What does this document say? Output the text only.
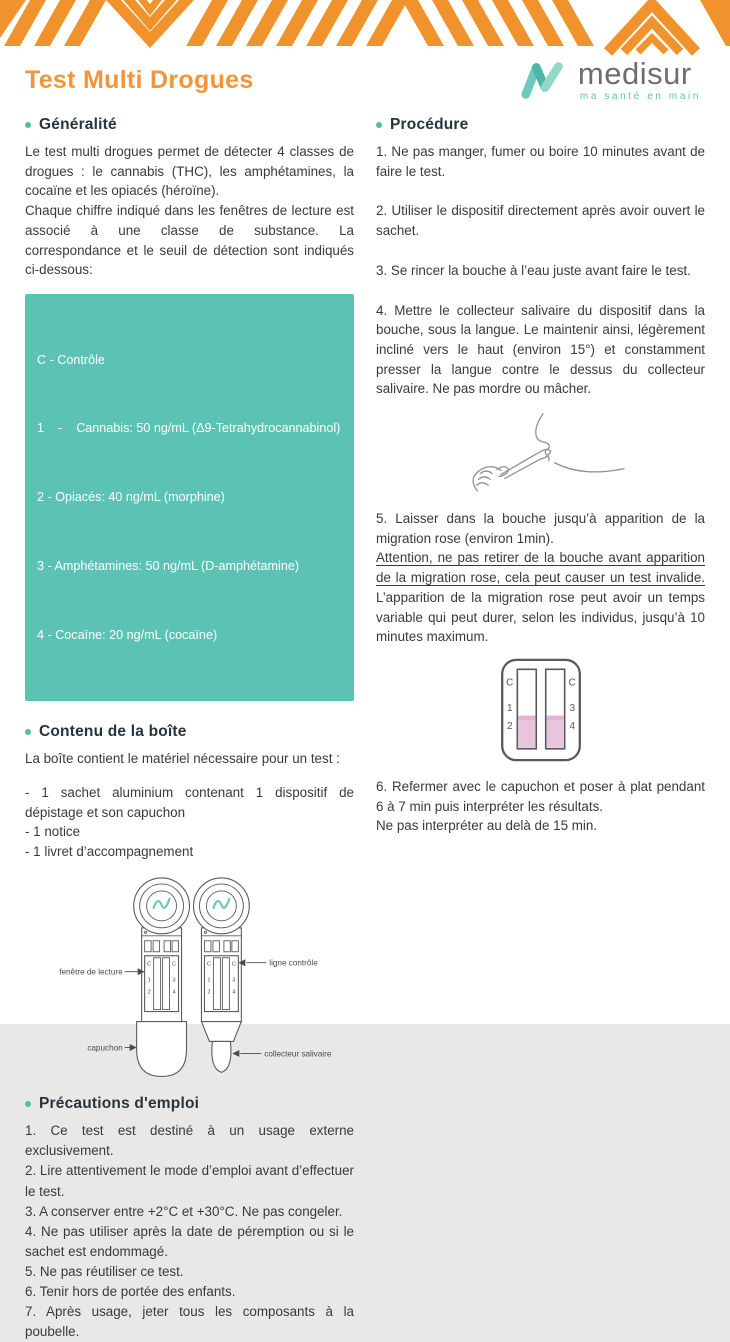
Test Multi Drogues	medisur
ma santé en main
Généralité

Le test multi drogues permet de détecter 4 classes de drogues : le cannabis (THC), les amphétamines, la cocaïne et les opiacés (héroïne).

Chaque chiffre indiqué dans les fenêtres de lecture est associé à une classe de substance. La correspondance et le seuil de détection sont indiqués ci-dessous:

C - Contrôle

1    -    Cannabis: 50 ng/mL (Δ9-Tetrahydrocannabinol)

2 - Opiacés: 40 ng/mL (morphine)

3 - Amphétamines: 50 ng/mL (D-amphétamine)

4 - Cocaïne: 20 ng/mL (cocaïne)

Contenu de la boîte

La boîte contient le matériel nécessaire pour un test :

- 1 sachet aluminium contenant 1 dispositif de dépistage et son capuchon
- 1 notice
- 1 livret d’accompagnement
C
1
2
C
3
4
C
1
2
C
3
4
fenêtre de lecture
capuchon
ligne contrôle
collecteur salivaire
Précautions d'emploi
1. Ce test est destiné à un usage externe exclusivement.
2. Lire attentivement le mode d’emploi avant d’effectuer le test.
3. A conserver entre +2°C et +30°C. Ne pas congeler.
4. Ne pas utiliser après la date de péremption ou si le sachet est endommagé.
5. Ne pas réutiliser ce test.
6. Tenir hors de portée des enfants.
7. Après usage, jeter tous les composants à la poubelle.
Procédure

1. Ne pas manger, fumer ou boire 10 minutes avant de faire le test.

2. Utiliser le dispositif directement après avoir ouvert le sachet.

3. Se rincer la bouche à l’eau juste avant faire le test.

4. Mettre le collecteur salivaire du dispositif dans la bouche, sous la langue. Le maintenir ainsi, légèrement incliné vers le haut (environ 15°) et constamment presser la langue contre le dessus du collecteur salivaire. Ne pas mordre ou mâcher.

5. Laisser dans la bouche jusqu’à apparition de la migration rose (environ 1min).
Attention, ne pas retirer de la bouche avant apparition de la migration rose, cela peut causer un test invalide. L’apparition de la migration rose peut avoir un temps variable qui peut durer, selon les individus, jusqu’à 10 minutes maximum.

C
1
2
C
3
4

6. Refermer avec le capuchon et poser à plat pendant 6 à 7 min puis interpréter les résultats.
Ne pas interpréter au delà de 15 min.
